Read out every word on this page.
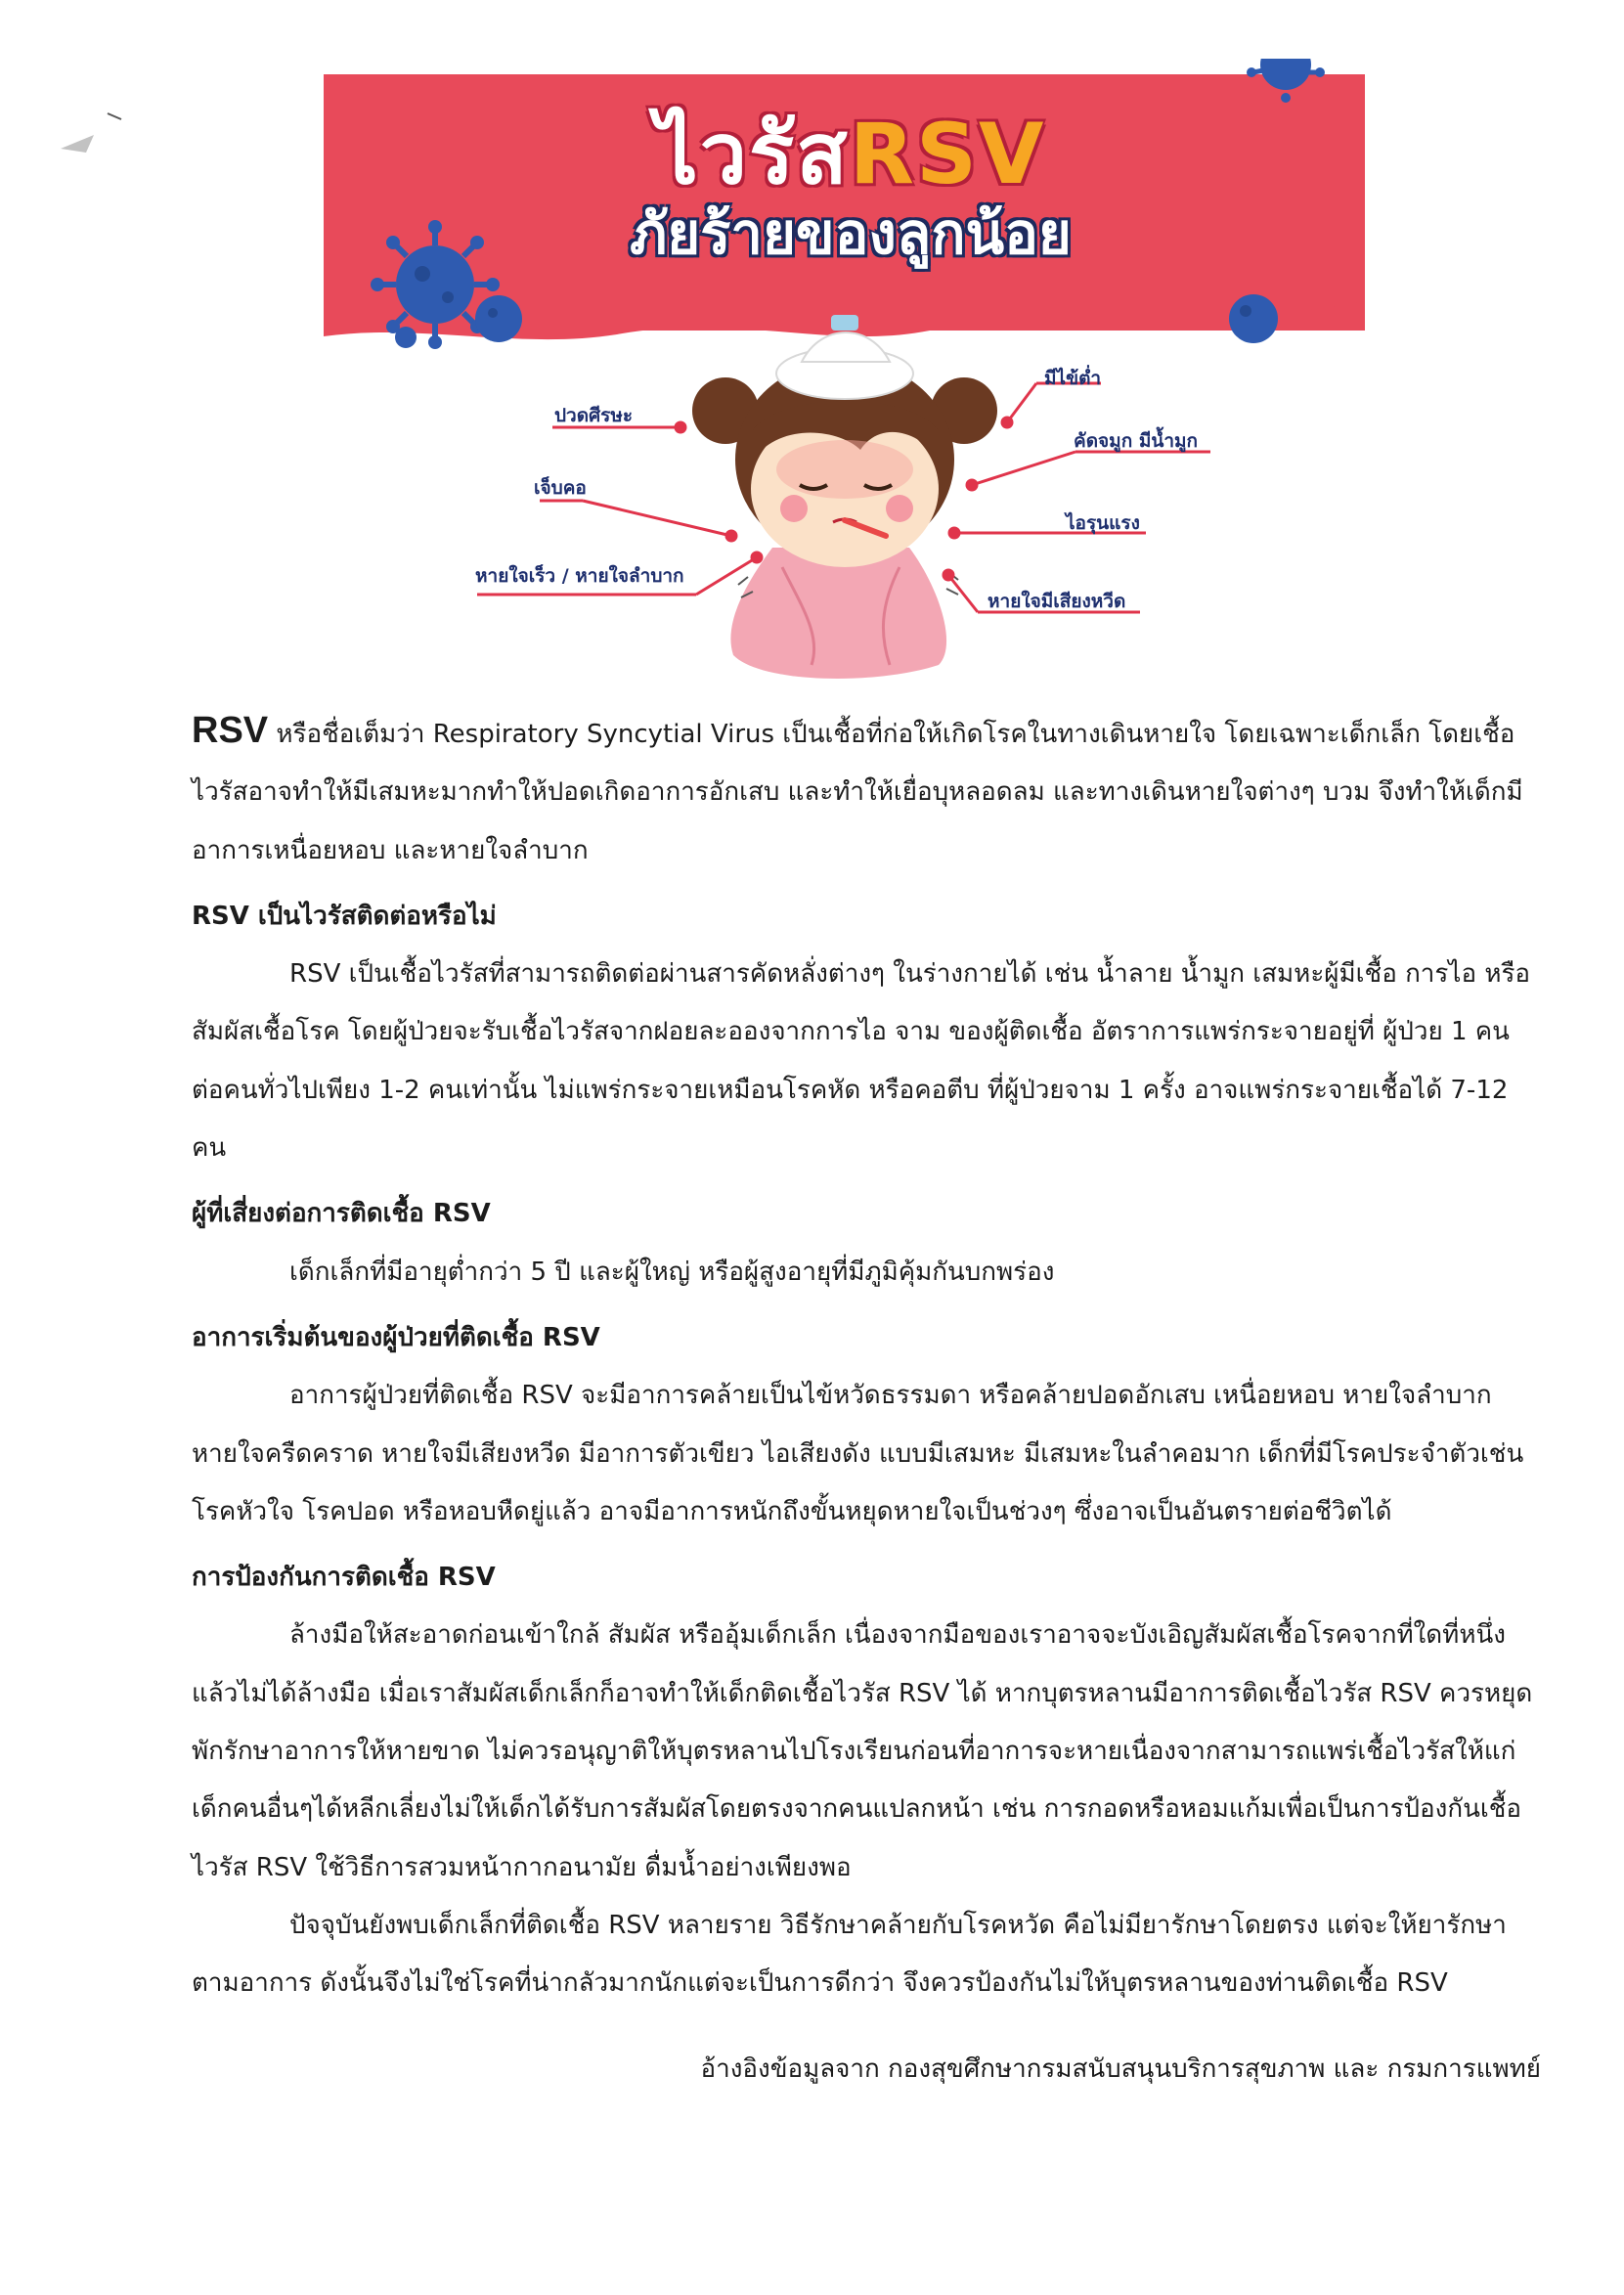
ไวรัสRSV
ภัยร้ายของลูกน้อย
ปวดศีรษะ
เจ็บคอ
หายใจเร็ว / หายใจลำบาก
มีไข้ต่ำ
คัดจมูก มีน้ำมูก
ไอรุนแรง
หายใจมีเสียงหวีด

RSV หรือชื่อเต็มว่า Respiratory Syncytial Virus เป็นเชื้อที่ก่อให้เกิดโรคในทางเดินหายใจ โดยเฉพาะเด็กเล็ก โดยเชื้อไวรัสอาจทำให้มีเสมหะมากทำให้ปอดเกิดอาการอักเสบ และทำให้เยื่อบุหลอดลม และทางเดินหายใจต่างๆ บวม จึงทำให้เด็กมีอาการเหนื่อยหอบ และหายใจลำบาก

RSV เป็นไวรัสติดต่อหรือไม่

RSV เป็นเชื้อไวรัสที่สามารถติดต่อผ่านสารคัดหลั่งต่างๆ ในร่างกายได้ เช่น น้ำลาย น้ำมูก เสมหะผู้มีเชื้อ การไอ หรือสัมผัสเชื้อโรค โดยผู้ป่วยจะรับเชื้อไวรัสจากฝอยละอองจากการไอ จาม ของผู้ติดเชื้อ อัตราการแพร่กระจายอยู่ที่ ผู้ป่วย 1 คน ต่อคนทั่วไปเพียง 1-2 คนเท่านั้น ไม่แพร่กระจายเหมือนโรคหัด หรือคอตีบ ที่ผู้ป่วยจาม 1 ครั้ง อาจแพร่กระจายเชื้อได้ 7-12 คน

ผู้ที่เสี่ยงต่อการติดเชื้อ RSV

เด็กเล็กที่มีอายุต่ำกว่า 5 ปี และผู้ใหญ่ หรือผู้สูงอายุที่มีภูมิคุ้มกันบกพร่อง

อาการเริ่มต้นของผู้ป่วยที่ติดเชื้อ RSV

อาการผู้ป่วยที่ติดเชื้อ RSV จะมีอาการคล้ายเป็นไข้หวัดธรรมดา หรือคล้ายปอดอักเสบ เหนื่อยหอบ หายใจลำบาก หายใจครืดคราด หายใจมีเสียงหวีด มีอาการตัวเขียว ไอเสียงดัง แบบมีเสมหะ มีเสมหะในลำคอมาก เด็กที่มีโรคประจำตัวเช่น โรคหัวใจ โรคปอด หรือหอบหืดยู่แล้ว อาจมีอาการหนักถึงขั้นหยุดหายใจเป็นช่วงๆ ซึ่งอาจเป็นอันตรายต่อชีวิตได้

การป้องกันการติดเชื้อ RSV

ล้างมือให้สะอาดก่อนเข้าใกล้ สัมผัส หรืออุ้มเด็กเล็ก เนื่องจากมือของเราอาจจะบังเอิญสัมผัสเชื้อโรคจากที่ใดที่หนึ่งแล้วไม่ได้ล้างมือ เมื่อเราสัมผัสเด็กเล็กก็อาจทำให้เด็กติดเชื้อไวรัส RSV ได้ หากบุตรหลานมีอาการติดเชื้อไวรัส RSV ควรหยุดพักรักษาอาการให้หายขาด ไม่ควรอนุญาติให้บุตรหลานไปโรงเรียนก่อนที่อาการจะหายเนื่องจากสามารถแพร่เชื้อไวรัสให้แก่เด็กคนอื่นๆได้หลีกเลี่ยงไม่ให้เด็กได้รับการสัมผัสโดยตรงจากคนแปลกหน้า เช่น การกอดหรือหอมแก้มเพื่อเป็นการป้องกันเชื้อไวรัส RSV ใช้วิธีการสวมหน้ากากอนามัย ดื่มน้ำอย่างเพียงพอ

ปัจจุบันยังพบเด็กเล็กที่ติดเชื้อ RSV หลายราย วิธีรักษาคล้ายกับโรคหวัด คือไม่มียารักษาโดยตรง แต่จะให้ยารักษาตามอาการ ดังนั้นจึงไม่ใช่โรคที่น่ากลัวมากนักแต่จะเป็นการดีกว่า จึงควรป้องกันไม่ให้บุตรหลานของท่านติดเชื้อ RSV

อ้างอิงข้อมูลจาก กองสุขศึกษากรมสนับสนุนบริการสุขภาพ และ กรมการแพทย์
